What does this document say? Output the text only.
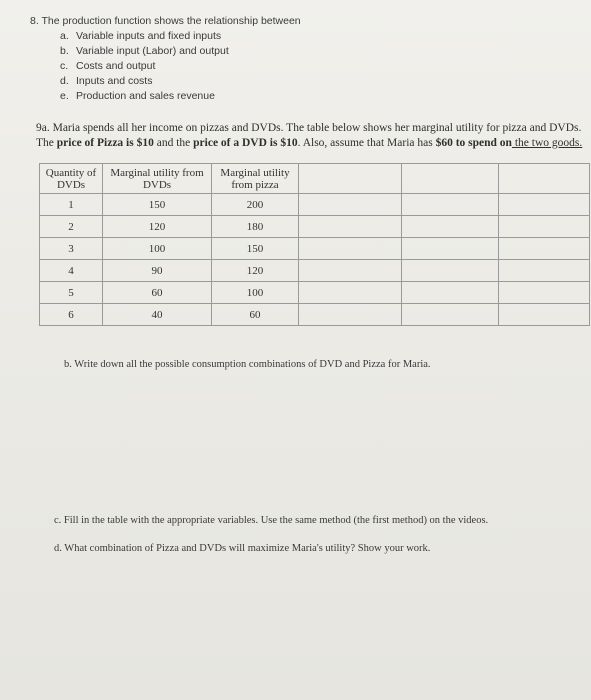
8. The production function shows the relationship between

a. Variable inputs and fixed inputs
b. Variable input (Labor) and output
c. Costs and output
d. Inputs and costs
e. Production and sales revenue
9a. Maria spends all her income on pizzas and DVDs. The table below shows her marginal utility for pizza and DVDs. The price of Pizza is $10 and the price of a DVD is $10. Also, assume that Maria has $60 to spend on the two goods.
Quantity of DVDs	Marginal utility from DVDs	Marginal utility from pizza			
1	150	200			
2	120	180			
3	100	150			
4	90	120			
5	60	100			
6	40	60			
b. Write down all the possible consumption combinations of DVD and Pizza for Maria.
c. Fill in the table with the appropriate variables. Use the same method (the first method) on the videos.
d. What combination of Pizza and DVDs will maximize Maria's utility? Show your work.
